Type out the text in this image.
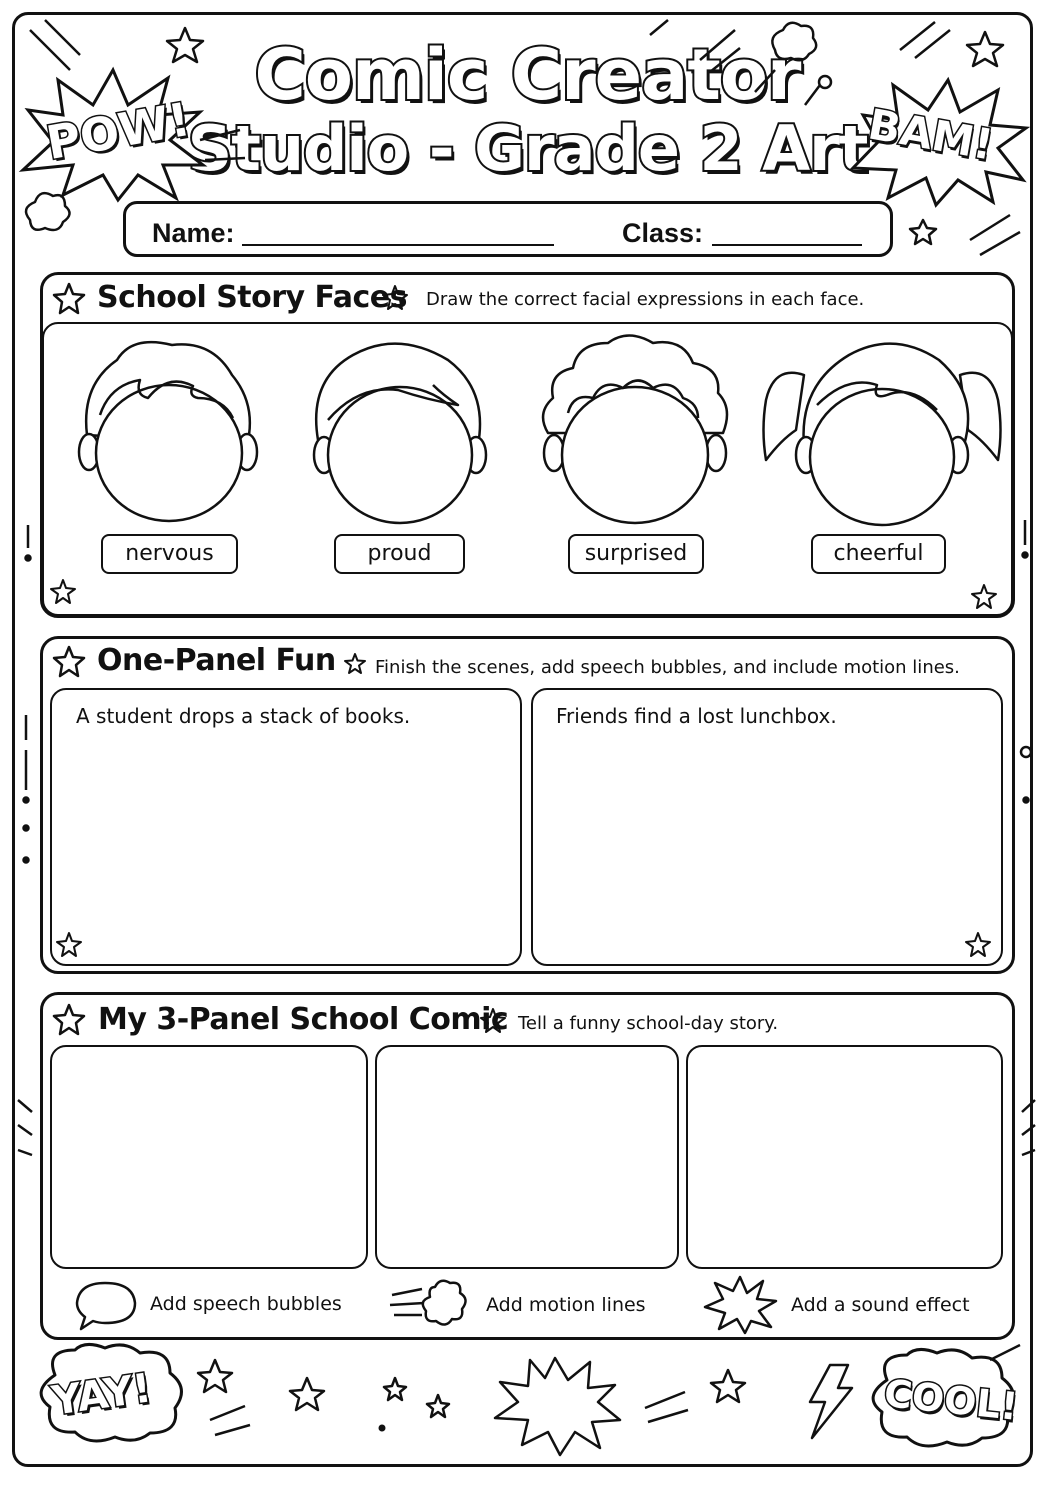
Comic Creator
Studio - Grade 2 Art
POW!	BAM!
Name:	Class:
School Story Faces Draw the correct facial expressions in each face.
nervous	proud	surprised	cheerful
One-Panel Fun Finish the scenes, add speech bubbles, and include motion lines.
A student drops a stack of books.	Friends find a lost lunchbox.
My 3-Panel School Comic Tell a funny school-day story.
Add speech bubbles	Add motion lines	Add a sound effect
YAY!	COOL!
